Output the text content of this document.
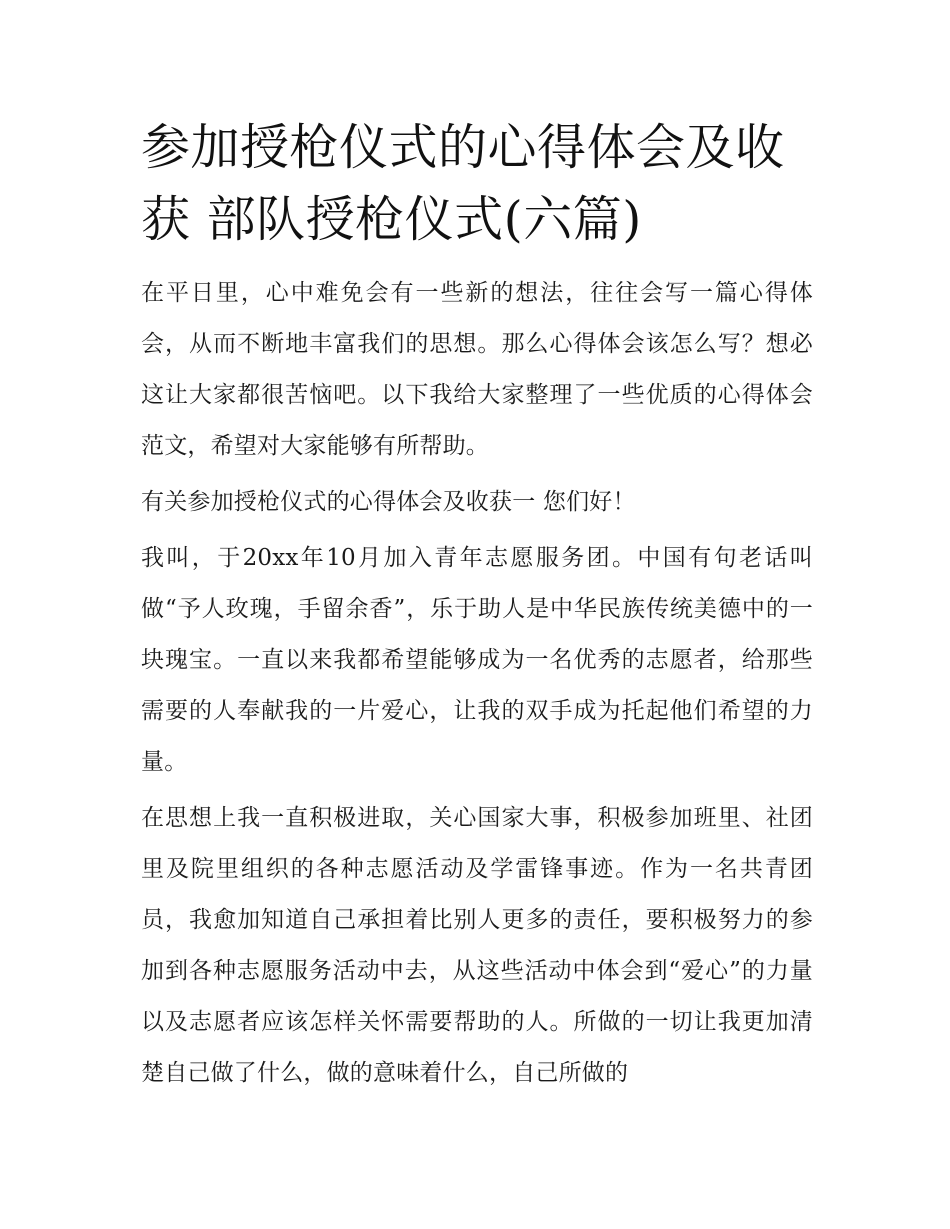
参加授枪仪式的心得体会及收获 部队授枪仪式(六篇)

在平日里，心中难免会有一些新的想法，往往会写一篇心得体会，从而不断地丰富我们的思想。那么心得体会该怎么写？想必这让大家都很苦恼吧。以下我给大家整理了一些优质的心得体会范文，希望对大家能够有所帮助。

有关参加授枪仪式的心得体会及收获一 您们好！

我叫，于20xx年10月加入青年志愿服务团。中国有句老话叫做“予人玫瑰，手留余香”，乐于助人是中华民族传统美德中的一块瑰宝。一直以来我都希望能够成为一名优秀的志愿者，给那些需要的人奉献我的一片爱心，让我的双手成为托起他们希望的力量。

在思想上我一直积极进取，关心国家大事，积极参加班里、社团里及院里组织的各种志愿活动及学雷锋事迹。作为一名共青团员，我愈加知道自己承担着比别人更多的责任，要积极努力的参加到各种志愿服务活动中去，从这些活动中体会到“爱心”的力量以及志愿者应该怎样关怀需要帮助的人。所做的一切让我更加清楚自己做了什么，做的意味着什么，自己所做的
